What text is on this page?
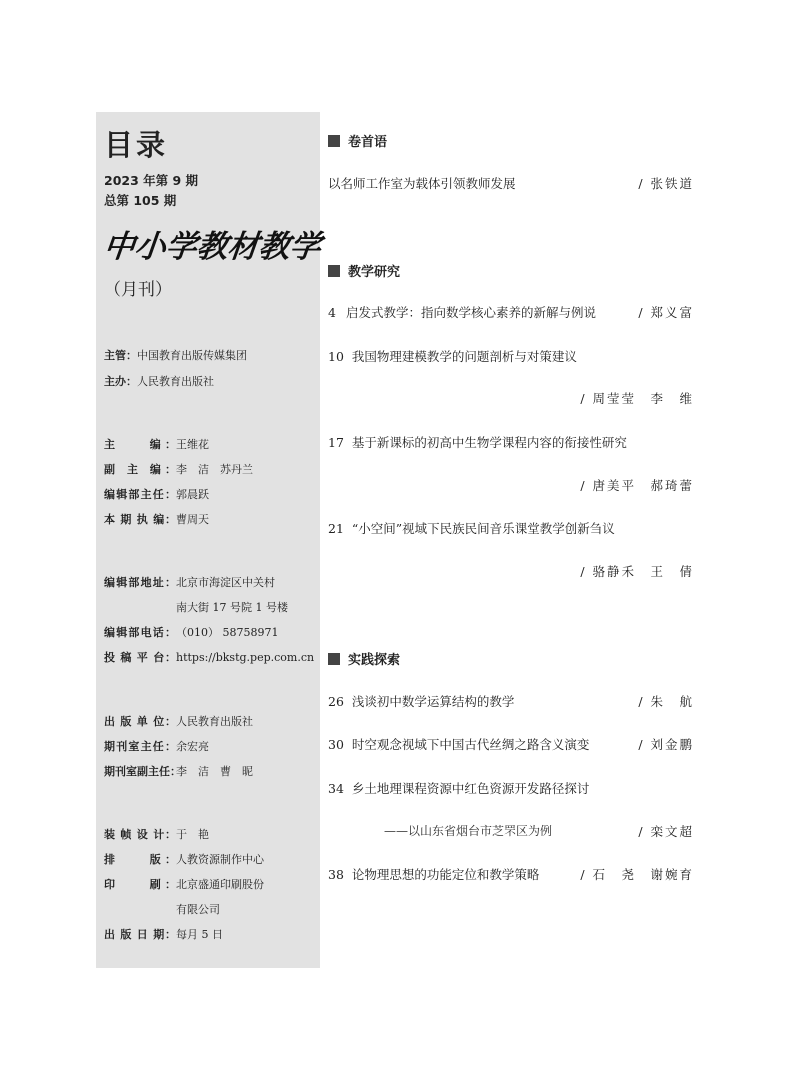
目录
2023 年第 9 期
总第 105 期
中小学教材教学
（月刊）
主管：中国教育出版传媒集团
主办：人民教育出版社
主　　编：王维花
副 主 编：李　洁　苏丹兰
编辑部主任：郭晨跃
本 期 执 编：曹周天
编辑部地址：北京市海淀区中关村
南大街 17 号院 1 号楼
编辑部电话：（010） 58758971
投 稿 平 台：https://bkstg.pep.com.cn
出 版 单 位：人民教育出版社
期刊室主任：余宏亮
期刊室副主任：李　洁　曹　昵
装 帧 设 计：于　艳
排　　版：人教资源制作中心
印　　刷：北京盛通印刷股份
有限公司
出 版 日 期：每月 5 日
卷首语
以名师工作室为载体引领教师发展	/ 张铁道
教学研究
4 启发式教学：指向数学核心素养的新解与例说	/ 郑义富
10 我国物理建模教学的问题剖析与对策建议
/ 周莹莹　李　维
17 基于新课标的初高中生物学课程内容的衔接性研究
/ 唐美平　郝琦蕾
21 “小空间”视域下民族民间音乐课堂教学创新刍议
/ 骆静禾　王　倩
实践探索
26 浅谈初中数学运算结构的教学	/ 朱　航
30 时空观念视域下中国古代丝绸之路含义演变	/ 刘金鹏
34 乡土地理课程资源中红色资源开发路径探讨
——以山东省烟台市芝罘区为例	/ 栾文超
38 论物理思想的功能定位和教学策略	/ 石　尧　谢婉育
